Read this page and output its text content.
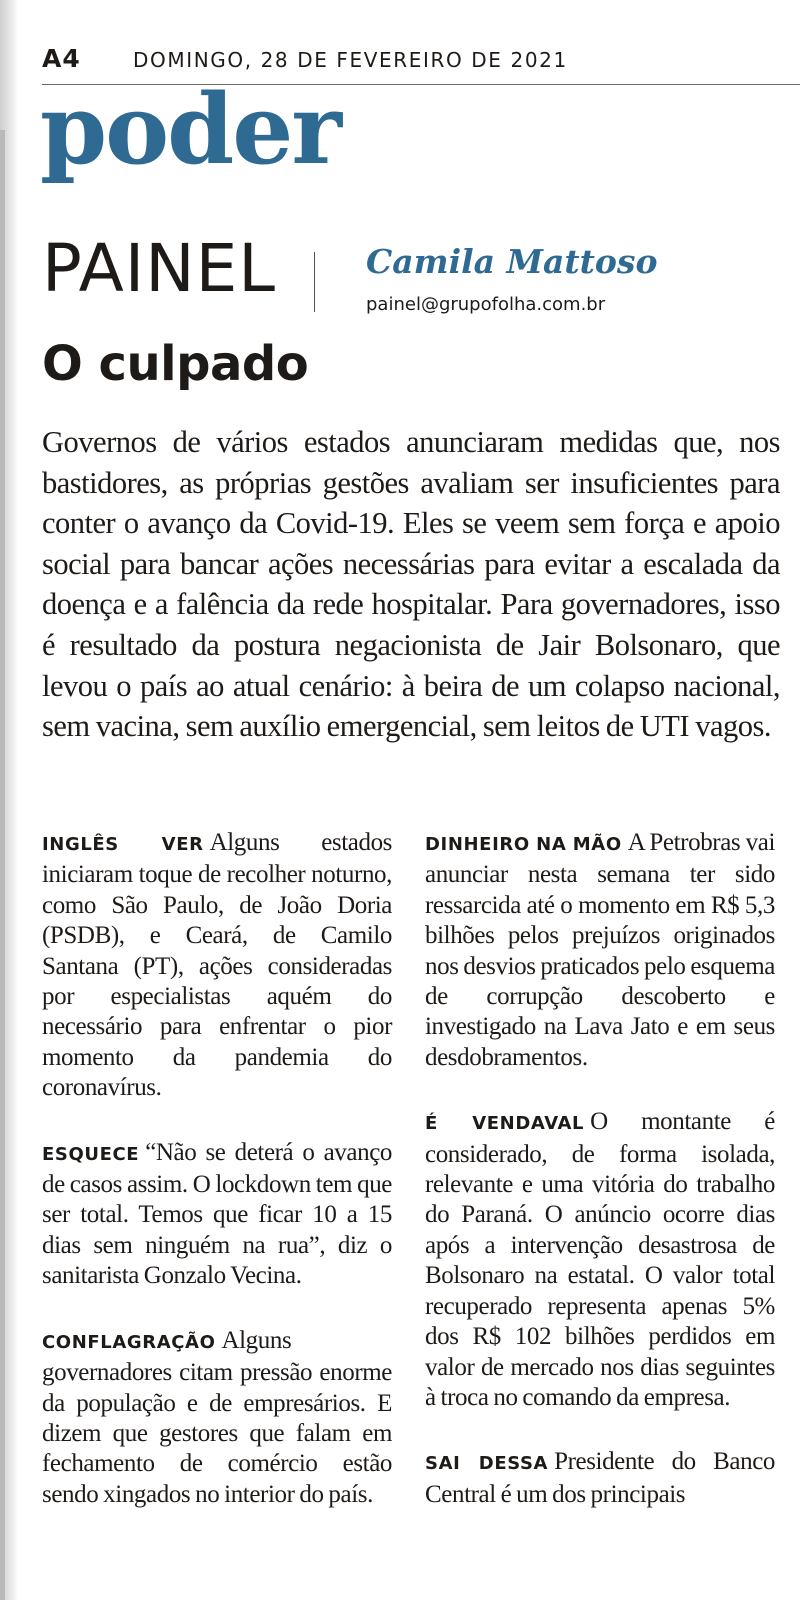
A4	DOMINGO, 28 DE FEVEREIRO DE 2021
poder
PAINEL	Camila Mattoso
painel@grupofolha.com.br
O culpado

Governos de vários estados anunciaram medidas que, nos bastidores, as próprias gestões avaliam ser insuficientes para conter o avanço da Covid-19. Eles se veem sem força e apoio social para bancar ações necessárias para evitar a escalada da doença e a falência da rede hospitalar. Para governadores, isso é resultado da postura negacionista de Jair Bolsonaro, que levou o país ao atual cenário: à beira de um colapso nacional, sem vacina, sem auxílio emergencial, sem leitos de UTI vagos.

INGLÊS VER Alguns estados iniciaram toque de recolher noturno, como São Paulo, de João Doria (PSDB), e Ceará, de Camilo Santana (PT), ações consideradas por especialistas aquém do necessário para enfrentar o pior momento da pandemia do coronavírus.

ESQUECE “Não se deterá o avanço de casos assim. O lockdown tem que ser total. Temos que ficar 10 a 15 dias sem ninguém na rua”, diz o sanitarista Gonzalo Vecina.

CONFLAGRAÇÃO Alguns governadores citam pressão enorme da população e de empresários. E dizem que gestores que falam em fechamento de comércio estão sendo xingados no interior do país.

DINHEIRO NA MÃO A Petrobras vai anunciar nesta semana ter sido ressarcida até o momento em R$ 5,3 bilhões pelos prejuízos originados nos desvios praticados pelo esquema de corrupção descoberto e investigado na Lava Jato e em seus desdobramentos.

É VENDAVAL O montante é considerado, de forma isolada, relevante e uma vitória do trabalho do Paraná. O anúncio ocorre dias após a intervenção desastrosa de Bolsonaro na estatal. O valor total recuperado representa apenas 5% dos R$ 102 bilhões perdidos em valor de mercado nos dias seguintes à troca no comando da empresa.

SAI DESSA Presidente do Banco Central é um dos principais
